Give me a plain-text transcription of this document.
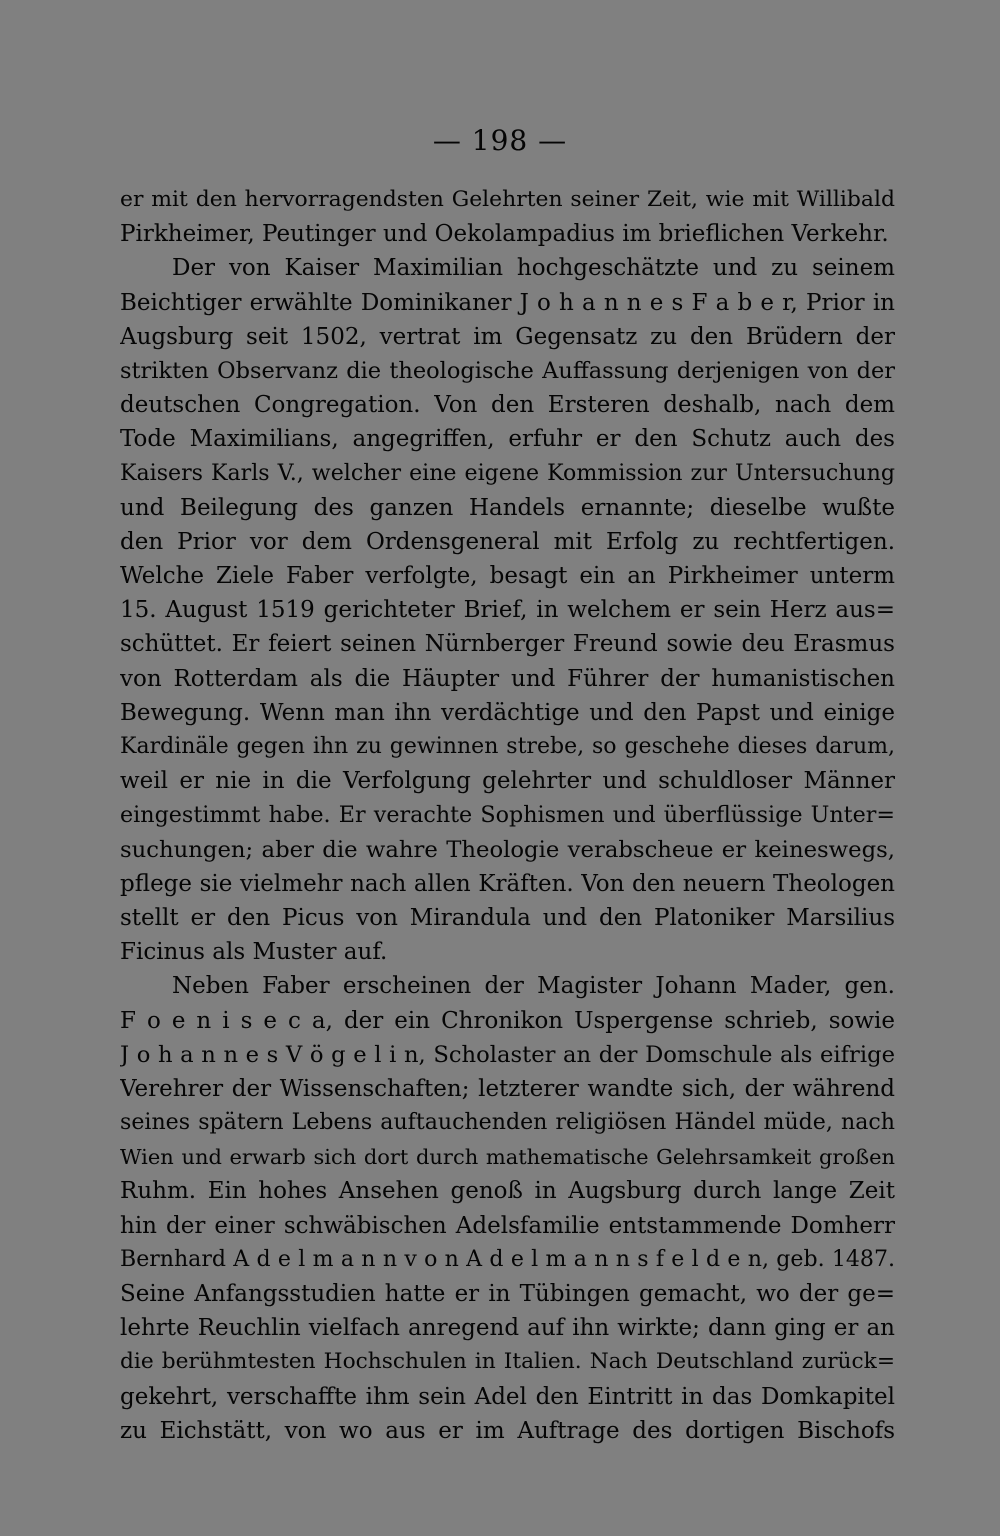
— 198 —
er mit den hervorragendsten Gelehrten seiner Zeit, wie mit Willibald
Pirkheimer, Peutinger und Oekolampadius im brieflichen Verkehr.
Der von Kaiser Maximilian hochgeschätzte und zu seinem
Beichtiger erwählte Dominikaner J o h a n n e s F a b e r, Prior in
Augsburg seit 1502, vertrat im Gegensatz zu den Brüdern der
strikten Observanz die theologische Auffassung derjenigen von der
deutschen Congregation. Von den Ersteren deshalb, nach dem
Tode Maximilians, angegriffen, erfuhr er den Schutz auch des
Kaisers Karls V., welcher eine eigene Kommission zur Untersuchung
und Beilegung des ganzen Handels ernannte; dieselbe wußte
den Prior vor dem Ordensgeneral mit Erfolg zu rechtfertigen.
Welche Ziele Faber verfolgte, besagt ein an Pirkheimer unterm
15. August 1519 gerichteter Brief, in welchem er sein Herz aus=
schüttet. Er feiert seinen Nürnberger Freund sowie deu Erasmus
von Rotterdam als die Häupter und Führer der humanistischen
Bewegung. Wenn man ihn verdächtige und den Papst und einige
Kardinäle gegen ihn zu gewinnen strebe, so geschehe dieses darum,
weil er nie in die Verfolgung gelehrter und schuldloser Männer
eingestimmt habe. Er verachte Sophismen und überflüssige Unter=
suchungen; aber die wahre Theologie verabscheue er keineswegs,
pflege sie vielmehr nach allen Kräften. Von den neuern Theologen
stellt er den Picus von Mirandula und den Platoniker Marsilius
Ficinus als Muster auf.
Neben Faber erscheinen der Magister Johann Mader, gen.
F o e n i s e c a, der ein Chronikon Uspergense schrieb, sowie
J o h a n n e s V ö g e l i n, Scholaster an der Domschule als eifrige
Verehrer der Wissenschaften; letzterer wandte sich, der während
seines spätern Lebens auftauchenden religiösen Händel müde, nach
Wien und erwarb sich dort durch mathematische Gelehrsamkeit großen
Ruhm. Ein hohes Ansehen genoß in Augsburg durch lange Zeit
hin der einer schwäbischen Adelsfamilie entstammende Domherr
Bernhard A d e l m a n n v o n A d e l m a n n s f e l d e n, geb. 1487.
Seine Anfangsstudien hatte er in Tübingen gemacht, wo der ge=
lehrte Reuchlin vielfach anregend auf ihn wirkte; dann ging er an
die berühmtesten Hochschulen in Italien. Nach Deutschland zurück=
gekehrt, verschaffte ihm sein Adel den Eintritt in das Domkapitel
zu Eichstätt, von wo aus er im Auftrage des dortigen Bischofs
